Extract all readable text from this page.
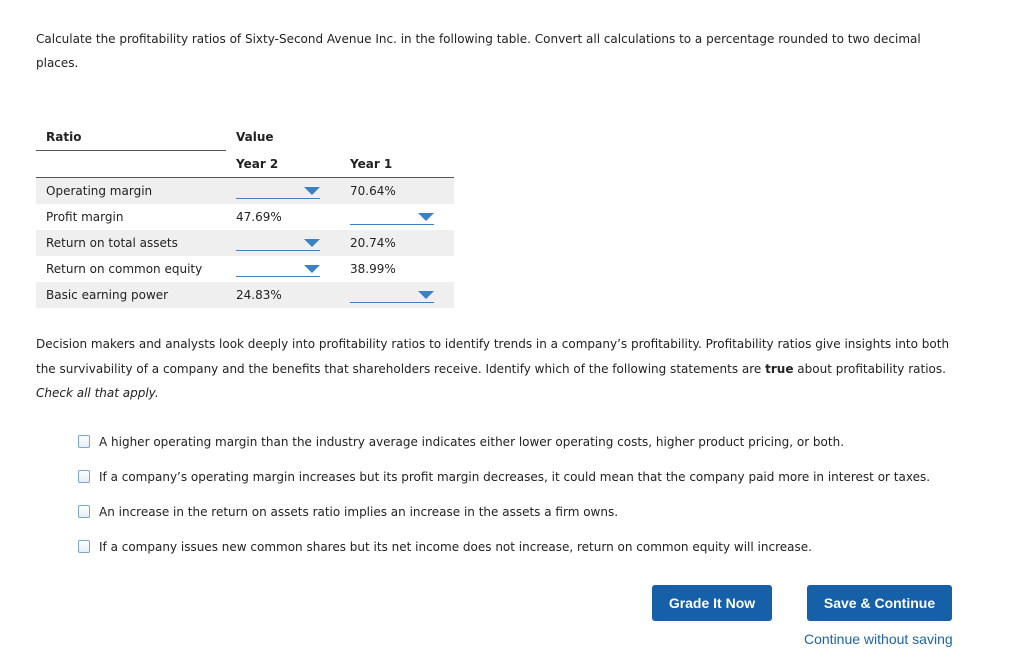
Calculate the profitability ratios of Sixty-Second Avenue Inc. in the following table. Convert all calculations to a percentage rounded to two decimal places.
Ratio	Value	
	Year 2	Year 1
Operating margin		70.64%
Profit margin	47.69%	

Return on total assets		20.74%
Return on common equity		38.99%
Basic earning power	24.83%	
Decision makers and analysts look deeply into profitability ratios to identify trends in a company’s profitability. Profitability ratios give insights into both the survivability of a company and the benefits that shareholders receive. Identify which of the following statements are true about profitability ratios. Check all that apply.
A higher operating margin than the industry average indicates either lower operating costs, higher product pricing, or both.
If a company’s operating margin increases but its profit margin decreases, it could mean that the company paid more in interest or taxes.
An increase in the return on assets ratio implies an increase in the assets a firm owns.
If a company issues new common shares but its net income does not increase, return on common equity will increase.
Grade It Now	Save & Continue
Continue without saving
